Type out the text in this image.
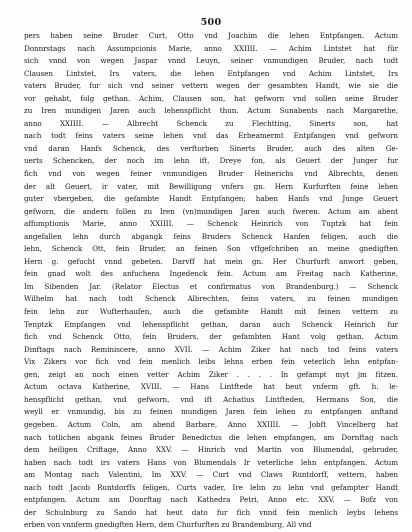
500
pers haben seine Bruder Curt, Otto vnd Joachim die lehen Entpfangen. Actum
Donnrstags nach Assumpcionis Marie, anno XXIIII. — Achim Lintstet hat für
sich vnnd von wegen Jaspar vnnd Leuyn, seiner vnmundigen Bruder, nach todt
Clausen Lintstet, Irs vaters, die lehen Entpfangen vnd Achim Lintstet, Irs
vaters Bruder, fur sich vnd seiner vettern wegen der gesambten Handt, wie sie die
vor gehabt, folg gethan. Achim, Clausen son, hat gefworn vnd sollen seine Bruder
zu Iren mundigen Jaren auch lehenspflicht thun. Actum Sunabents nach Margarethe,
anno XXIIII. — Albrecht Schenck zu Flechtting, Sinerts son, hat
nach todt feins vaters seine lehen vnd das Erbeamermt Entpfangen vnd gefworn
vnd daran Hanfs Schenck, des verftorben Sinerts Bruder, auch des alten Ge-
uerts Schencken, der noch im lehn ift, Dreye fon, als Geuert der Junger fur
fich vnd von wegen feiner vnmundigen Bruder Heinerichs vnd Albrechts, denen
der alt Geuert, ir vater, mit Bewilligung vnfers gn. Hern Kurfurften feine lehen
guter vbergeben, die gefambte Handt Entpfangen; haben Hanfs vnd Junge Geuert
gefworn, die andern follen zu Iren (vn)mundigen Jaren auch fweren. Actum am abent
affumptionis Marie, anno XXIIII. — Schenck Heinrich von Tuptzk hat fein
angefallen lehn durch abgangk feins Bruders Schenck Hanfen feligen, auch die
lehn, Schenck Ott, fein Bruder, an feinen Son vffgefchriben an meine gnedigften
Hern g. gefucht vnnd gebeten. Darvff hat mein gn. Her Churfurft anwort geben,
fein gnad wolt des anfuchens Ingedenck fein. Actum am Freitag nach Katherine,
Im Sibenden Jar. (Relator Electus et confirmatus von Brandenburg.) — Schenck
Wilhelm hat nach todt Schenck Albrechten, feins vaters, zu feinen mundigen
fein lehn zur Wufterhaufen, auch die gefambte Handt mit feinen vettern zu
Tenptzk Empfangen vnd lehenspflicht gethan, daran auch Schenck Heinrich fur
fich vnd Schenck Otto, fein Bruders, der gefambten Hant volg gethan. Actum
Dinftags nach Reminiscere, anno XVII. — Achim Ziker hat nach tod feins vaters
Vix Zikers vor fich vnd fein menlich leibs lehns erben fein veterlich lehn entpfan-
gen, zeigt an noch einen vetter Achim Ziker . . . . In gefampt myt jm fitzen.
Actum octava Katherine, XVIII. — Hans Lintftede hat beut vnferm gft. h. le-
henspflicht gethan, vnd gefworn, vnd ift Achatius Lintfteden, Hermans Son, die
weyll er vnmundig, bis zu feinen mundigen Jaren fein lehen zu entpfangen anftand
gegeben. Actum Coln, am abend Barbare, Anno XXIIII. — Jobft Vincelberg hat
nach totlichen abgank feines Bruder Benedictus die lehen empfangen, am Dornftag nach
dem heiligen Criftage, Anno XXV. — Hinrich vnd Martin von Blumendal, gebruder,
haben nach todt irs vaters Hans von Blumendals Ir veterliche lehn entpfangen. Actum
am Montag nach Valentini, Im XXV. — Curt vnd Claws Runtdorff, vettern, haben
nach todt Jacob Runtdorffs feligen, Curts vader, Ire lehn zu lehn vnd gefampter Handt
entpfangen. Actum am Donrftag nach Kathedra Petri, Anno etc. XXV. — Bofz von
der Schulnburg zu Sando hat heut dato fur fich vnnd fein menlich leybs lehens
erben von vnnferm gnedigften Hern, dem Churfurften zu Brandemburg, All vnd
